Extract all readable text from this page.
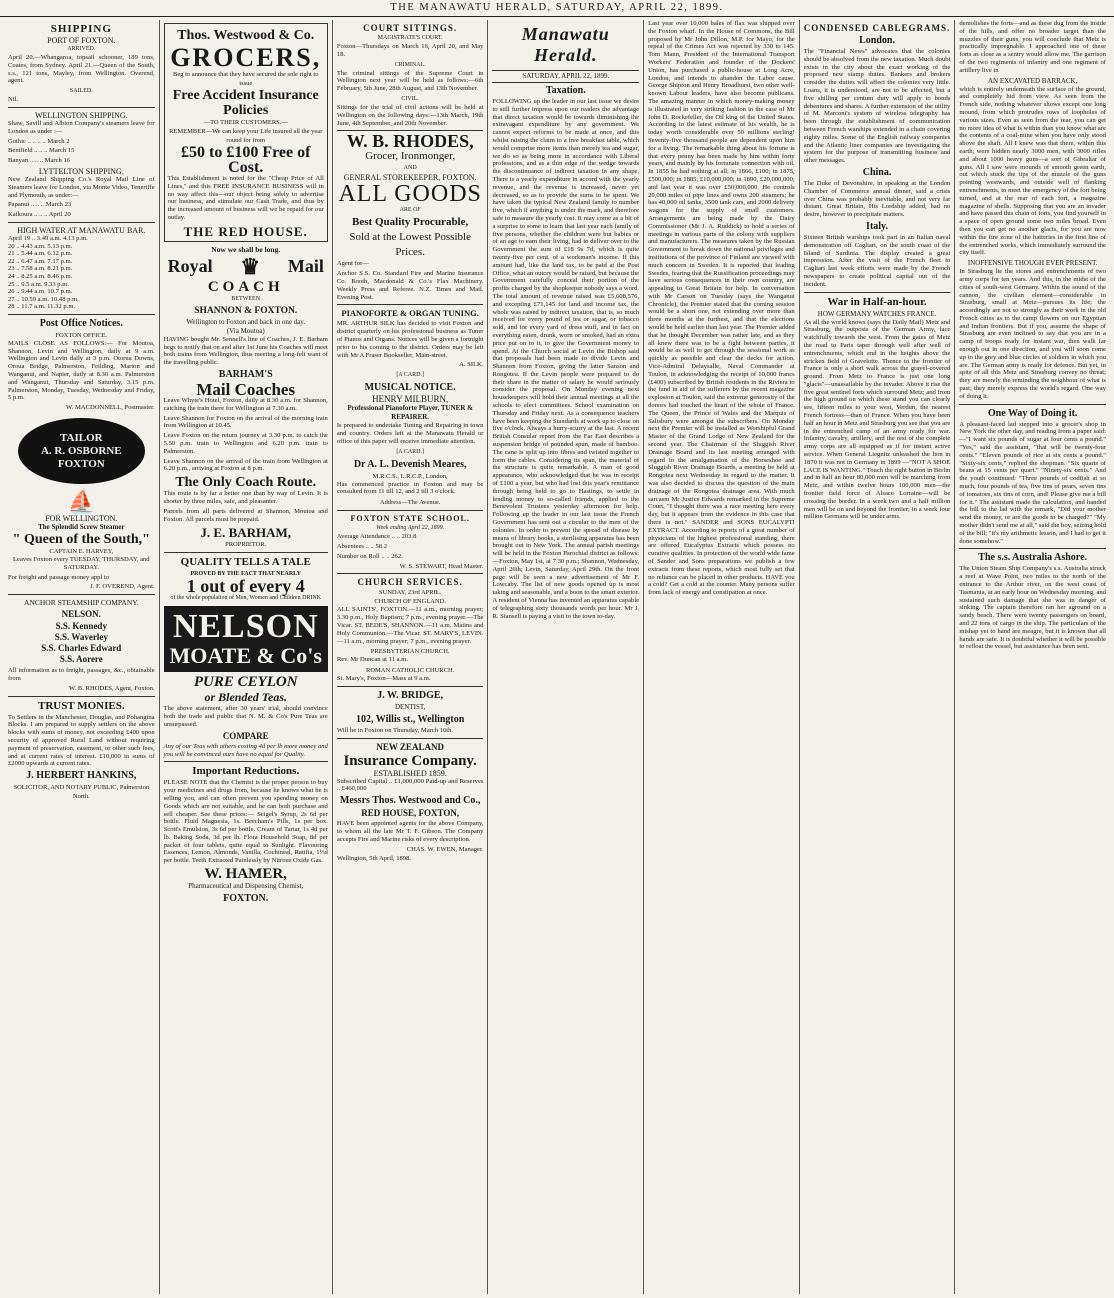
THE MANAWATU HERALD, SATURDAY, APRIL 22, 1899.
SHIPPING
PORT OF FOXTON.
ARRIVED.

April 20.—Whangaroa, topsail schooner, 189 tons, Coates, from Sydney. April 21.—Queen of the South, s.s., 121 tons, Mayley, from Wellington. Overend, agent.

SAILED.

Nil.

WELLINGTON SHIPPING.

Shaw, Savill and Albion Company's steamers leave for London as under :—

Gothic .. .. .. .. March 2

Bentfield .. .. .. March 15

Banyan .. .. .. March 16

LYTTELTON SHIPPING.

New Zealand Shipping Co.'s Royal Mail Line of Steamers leave for London, via Monte Video, Teneriffe and Plymouth, as under:—

Papanui .. .. .. March 23

Kaikoura .. .. .. April 20

HIGH WATER AT MANAWATU BAR.
April 19 .. 3.49 a.m. 4.13 p.m.
20 .. 4.43 a.m. 5.13 p.m.
21 .. 5.44 a.m. 6.12 p.m.
22 .. 6.47 a.m. 7.17 p.m.
23 .. 7.58 a.m. 8.21 p.m.
24 .. 8.25 a.m. 8.46 p.m.
25 .. 9.5 a.m. 9.33 p.m.
26 .. 9.44 a.m. 10.7 p.m.
27 .. 10.59 a.m. 10.48 p.m.
28 .. 11.7 a.m. 11.32 p.m.
Post Office Notices.
FOXTON OFFICE.

MAILS CLOSE AS FOLLOWS:— For Moutoa, Shannon, Levin and Wellington, daily at 9 a.m. Wellington and Levin daily at 3 p.m. Otorua Downs, Oroua Bridge, Palmerston, Feilding, Marton and Wanganui, and Napier, daily at 8.30 a.m. Palmerston and Wanganui, Thursday and Saturday, 3.15 p.m. Palmerston, Monday, Tuesday, Wednesday and Friday, 5 p.m.

W. MACDONNELL, Postmaster.

TAILOR
A. R. OSBORNE
FOXTON
⛵
FOR WELLINGTON.
The Splendid Screw Steamer
" Queen of the South,"
CAPTAIN E. HARVEY,

Leaves Foxton every TUESDAY, THURSDAY, and SATURDAY.

For freight and passage money appl to

J. F. OVEREND, Agent.

ANCHOR STEAMSHIP COMPANY.
NELSON.
S.S. Kennedy
S.S. Waverley
S.S. Charles Edward
S.S. Aorere

All information as to freight, passages, &c., obtainable from

W. B. RHODES, Agent, Foxton.

TRUST MONIES.

To Settlers in the Manchester, Douglas, and Pohangina Blocks. I am prepared to supply settlers on the above blocks with sums of money, not exceeding £400 upon security of approved Rural Land without requiring payment of preservation, easement, or other such fees, and at current rates of interest. £10,000 in sums of £2000 upwards at current rates.

J. HERBERT HANKINS,
SOLICITOR, AND NOTARY PUBLIC, Palmerston North.
Thos. Westwood & Co.
GROCERS,
Beg to announce that they have secured the sole right to issue
Free Accident Insurance Policies
—TO THEIR CUSTOMERS.—
REMEMBER—We can keep your Life insured all the year round for from
£50 to £100 Free of Cost.

This Establishment is noted for the "Cheap Price of All Lines," and this FREE INSURANCE BUSINESS will in no way affect this—our object being solely to advertise our business, and stimulate our Cash Trade, and thus by the increased amount of business will we be repaid for our outlay.

THE RED HOUSE.
Now we shall be long.
Royal ♛ Mail
COACH
BETWEEN
SHANNON & FOXTON.
Wellington to Foxton and back in one day.
(Via Moutoa)

HAVING bought Mr. Sennell's line of Coaches, J. E. Barham begs to notify that on and after 1st June his Coaches will meet both trains from Wellington, thus meeting a long-felt want of the travelling public.

BARHAM'S
Mail Coaches

Leave Whyte's Hotel, Foxton, daily at 8.30 a.m. for Shannon, catching the train there for Wellington at 7.30 a.m.

Leave Shannon for Foxton on the arrival of the morning train from Wellington at 10.45.

Leave Foxton on the return journey at 3.30 p.m. to catch the 5.50 p.m. train to Wellington and 6.20 p.m. train to Palmerston.

Leave Shannon on the arrival of the train from Wellington at 6.20 p.m., arriving at Foxton at 8 p.m.

The Only Coach Route.

This route is by far a better one than by way of Levin. It is shorter by three miles, safe, and pleasanter.

Parcels from all parts delivered at Shannon, Moutoa and Foxton. All parcels must be prepaid.

J. E. BARHAM,
PROPRIETOR.
QUALITY TELLS A TALE
PROVED BY THE FACT THAT NEARLY
1 out of every 4
of the whole population of Men, Women and Children DRINK
NELSON
MOATE & Co's
PURE CEYLON
or Blended Teas.

The above statement, after 30 years' trial, should convince both the trade and public that N. M. & Co's Pure Teas are unsurpassed.

COMPARE

Any of our Teas with others costing 4d per lb more money and you will be convinced ours have no equal for Quality.

Important Reductions.

PLEASE NOTE that the Chemist is the proper person to buy your medicines and drugs from, because he knows what he is selling you, and can often prevent you spending money on Goods which are not suitable, and he can both purchase and sell cheaper. See these prices:— Seigel's Syrup, 2s 6d per bottle. Fluid Magnesia, 1s. Beecham's Pills, 1s per box. Scott's Emulsion, 3s 6d per bottle. Cream of Tartar, 1s 4d per lb. Baking Soda, 3d per lb. Flora Household Soap, 8d per packet of four tablets, quite equal to Sunlight. Flavouring Essences, Lemon, Almonds, Vanilla, Cochineal, Ratifia, 1½d per bottle. Teeth Extracted Painlessly by Nitrous Oxide Gas.

W. HAMER,
Pharmaceutical and Dispensing Chemist,
FOXTON.
COURT SITTINGS.
MAGISTRATE'S COURT.

Foxton—Thursdays on March 16, April 20, and May 18.

CRIMINAL.

The criminal sittings of the Supreme Court in Wellington next year will be held as follows:—6th February, 5th June, 28th August, and 13th November.

CIVIL.

Sittings for the trial of civil actions will be held at Wellington on the following days:—13th March, 19th June, 4th September, and 20th November.

W. B. RHODES,
Grocer, Ironmonger,
AND
GENERAL STOREKEEPER, FOXTON.
ALL GOODS
ARE OF
Best Quality Procurable,
Sold at the Lowest Possible Prices.

Agent for—

Anchor S.S. Co. Standard Fire and Marine Insurance Co. Booth, Macdonald & Co.'s Flax Machinery. Weekly Press and Referee. N.Z. Times and Mail. Evening Post.

PIANOFORTE & ORGAN TUNING.

MR. ARTHUR SILK has decided to visit Foxton and district quarterly on his professional business as Tuner of Pianos and Organs. Notices will be given a fortnight prior to his coming to the district. Orders may be left with Mr A Fraser Bookseller, Main-street.

A. SILK.

[A CARD.]
MUSICAL NOTICE.
HENRY MILBURN,
Professional Pianoforte Player, TUNER & REPAIRER.

Is prepared to undertake Tuning and Repairing in town and country. Orders left at the Manawatu Herald or office of this paper will receive immediate attention.

[A CARD.]
Dr A. L. Devenish Meares,
M.R.C.S., L.R.C.P., London,

Has commenced practice in Foxton and may be consulted from 11 till 12, and 2 till 3 o'clock.

Address—The Avenue.
FOXTON STATE SCHOOL.
Week ending April 22, 1899.

Average Attendance .. .. 203.8

Absentees .. .. 58.2

Number on Roll .. .. 262.

W. S. STEWART, Head Master.

CHURCH SERVICES.
SUNDAY, 23rd APRIL.
CHURCH OF ENGLAND.

ALL SAINTS', FOXTON.—11 a.m., morning prayer; 3.30 p.m., Holy Baptism; 7 p.m., evening prayer.—The Vicar. ST. BEDE'S, SHANNON.—11 a.m. Matins and Holy Communion.—The Vicar. ST. MARY'S, LEVIN.—11 a.m., morning prayer; 7 p.m., evening prayer.

PRESBYTERIAN CHURCH.

Rev. Mr Duncan at 11 a.m.

ROMAN CATHOLIC CHURCH.

St. Mary's, Foxton—Mass at 9 a.m.

J. W. BRIDGE,
DENTIST,
102, Willis st., Wellington

Will be in Foxton on Thursday, March 16th.

NEW ZEALAND
Insurance Company.
ESTABLISHED 1859.

Subscribed Capital .. £1,000,000 Paid-up and Reserves .. £460,000

Messrs Thos. Westwood and Co.,
RED HOUSE, FOXTON,

HAVE been appointed agents for the above Company, to whom all the late Mr T. F. Gibson. The Company accepts Fire and Marine risks of every description.

CHAS. W. EWEN, Manager.

Wellington, 5th April, 1898.

Manawatu Herald.
SATURDAY, APRIL 22, 1899.
Taxation.

FOLLOWING up the leader in our last issue we desire to still further impress upon our readers the advantage that direct taxation would be towards diminishing the extravagant expenditure by any government. We cannot expect reforms to be made at once, and this whilst raising the claim to a free breakfast table, which would comprise more items than merely tea and sugar, we do so as being more in accordance with Liberal professions, and as a thin edge of the wedge towards the discontinuance of indirect taxation in any shape. There is a yearly expenditure in accord with the yearly revenue, and the revenue is increased, never yet decreased, so as to provide the sums to be spent. We have taken the typical New Zealand family to number five, which if anything is under the mark, and therefore safe to measure the yearly cost. It may come as a bit of a surprise to some to learn that last year each family of five persons, whether the children were but babies or of an age to earn their living, had to deliver over to the Government the sum of £18 9s 7d, which is quite twenty-five per cent. of a workman's income. If this amount had, like the land tax, to be paid at the Post Office, what an outcry would be raised, but because the Government carefully conceal their portion of the profits charged by the shopkeeper nobody says a word. The total amount of revenue raised was £5,608,576, and excepting £71,145 for land and income tax, the whole was raised by indirect taxation, that is, so much received for every pound of tea or sugar, or tobacco sold, and for every yard of dress stuff, and in fact on everything eaten, drunk, worn or smoked, had an extra price put on to it, to give the Government money to spend. At the Church social at Levin the Bishop said that proposals had been made to divide Levin and Shannon from Foxton, giving the latter Sanson and Rongotea. If the Levin people were prepared to do their share in the matter of salary he would seriously consider the proposal. On Monday evening next housekeepers will hold their annual meetings at all the schools to elect committees. School examination on Thursday and Friday next. As a consequence teachers have been keeping the Standards at work up to close on five o'clock. Always a hurry-scurry at the last. A recent British Consular report from the Far East describes a suspension bridge of pounded spun, made of bamboo. The cane is split up into fibres and twisted together to form the cables. Considering its span, the material of the structure is quite remarkable. A man of good appearance, who acknowledged that he was in receipt of £100 a year, but who had lost this year's remittance through being held to go to Hastings, to settle in lending money to so-called friends, applied to the Benevolent Trustees yesterday afternoon for help. Following up the leader in our last issue the French Government has sent out a circular to the men of the colonies. In order to prevent the spread of disease by means of library books, a sterilising apparatus has been brought out in New York. The annual parish meetings will be held in the Foxton Parochial district as follows:—Foxton, May 1st, at 7.30 p.m.; Shannon, Wednesday, April 26th; Levin, Saturday, April 29th. On the front page will be seen a new advertisement of Mr F. Lowcaby. The list of new goods opened up is most taking and seasonable, and a boon to the smart exterior. A resident of Vienna has invented an apparatus capable of telegraphing sixty thousands words per hour. Mr J. R. Stansell is paying a visit to the town to-day.

Last year over 10,000 bales of flax was shipped over the Foxton wharf. In the House of Commons, the Bill proposed by Mr John Dillon, M.P. for Mayo, for the repeal of the Crimes Act was rejected by 330 to 145. Tom Mann, President of the International Transport Workers' Federation and founder of the Dockers' Union, has purchased a public-house at Long Acre, London, and intends to abandon the Labor cause. George Shipton and Henry Broadhurst, two other well-known Labour leaders, have also become publicans. The amazing manner in which money-making money is illustrated in very striking fashion in the case of Mr John D. Rockefeller, the Oil king of the United States. According to the latest estimate of his wealth, he is today worth considerable over 50 millions sterling! Seventy-five thousand people are dependent upon him for a living. The remarkable thing about his fortune is that every penny has been made by him within forty years, and mainly by his fortunate connection with oil. In 1855 he had nothing at all; in 1866, £100; in 1875, £500,000; in 1885, £10,000,000; in 1890, £20,000,000; and last year it was over £50,000,000. He controls 20,000 miles of pipe lines and owns 200 steamers; he has 40,000 oil tanks, 3500 tank cars, and 2000 delivery wagons for the supply of small customers. Arrangements are being made by the Dairy Commissioner (Mr J. A. Ruddick) to hold a series of meetings in various parts of the colony with suppliers and manufacturers. The measures taken by the Russian Government to break down the national privileges and institutions of the province of Finland are viewed with much concern in Sweden. It is reported that leading Swedes, fearing that the Russification proceedings may have serious consequences in their own country, are appealing to Great Britain for help. In conversation with Mr Carson on Tuesday (says the Wanganui Chronicle), the Premier stated that the coming session would be a short one, not extending over more than three months at the furthest, and that the elections would be held earlier than last year. The Premier added that he thought December was rather late, and as they all knew there was to be a fight between parties, it would be as well to get through the sessional work as quickly as possible and clear the decks for action. Vice-Admiral Delaysalle, Naval Commander at Toulon, in acknowledging the receipt of 10,000 francs (£400) subscribed by British residents in the Riviera to the fund in aid of the sufferers by the recent magazine explosion at Toulon, said the extreme generosity of the donors had touched the heart of the whole of France. The Queen, the Prince of Wales and the Marquis of Salisbury were amongst the subscribers. On Monday next the Premier will be installed as Worshipful Grand Master of the Grand Lodge of New Zealand for the second year. The Chairman of the Sluggish River Drainage Board and its last meeting arranged with regard to the amalgamation of the Horseshoe and Sluggish River Drainage Boards, a meeting be held at Rongotea next Wednesday in regard to the matter. It was also decided to discuss the question of the main drainage of the Rongotea drainage area. With much sarcasm Mr Justice Edwards remarked in the Supreme Court, "I thought there was a race meeting here every day, but it appears from the evidence in this case that there is not." SANDER and SONS EUCALYPTI EXTRACT. According to reports of a great number of physicians of the highest professional standing, there are offered Eucalyptus Extracts which possess no curative qualities. In protection of the world wide fame of Sander and Sons preparations we publish a few extracts from these reports, which most fully set that no reliance can be placed in other products. HAVE you a cold? Get a cold at the counter. Many persons suffer from lack of energy and constipation at once.

CONDENSED CABLEGRAMS.
London.

The "Financial News" advocates that the colonies should be absolved from the new taxation. Much doubt exists in the city about the exact working of the proposed new stamp duties. Bankers and brokers consider the duties will affect the colonies very little. Loans, it is understood, are not to be affected, but a five shilling per centum duty will apply to bonds debentures and shares. A further extension of the utility of M. Marconi's system of wireless telegraphy has been through the establishment of communication between French warships extended in a chain covering eighty miles. Some of the English railway companies and the Atlantic liner companies are investigating the system for the purpose of transmitting business and other messages.

China.

The Duke of Devonshire, in speaking at the London Chamber of Commerce annual dinner, said a crisis over China was probably inevitable, and not very far distant. Great Britain, His Lordship added, had no desire, however to precipitate matters.

Italy.

Sixteen British warships took part in an Italian naval demonstration off Cagliari, on the south coast of the Island of Sardinia. The display created a great impression. After the visit of the French fleet to Cagliari last week efforts were made by the French newspapers to create political capital out of the incident.

War in Half-an-hour.
HOW GERMANY WATCHES FRANCE.

As all the world knows (says the Daily Mail) Metz and Strasburg, the outposts of the German Army, face watchfully towards the west. From the gates of Metz the road to Paris taper through well after well of entrenchments, which end in the heights above the stricken field of Gravelotte. Thence to the frontier of France is only a short walk across the gravel-covered ground. From Metz to France is just one long "glacis"—unassailable by the invader. Above it rise the five great sentinel forts which surround Metz; and from the high ground on which these stand you can clearly see, fifteen miles to your west, Verdun, the nearest French fortress—than of France. When you have been half an hour in Metz and Strasburg you see that you are in the entrenched camp of an army ready for war. Infantry, cavalry, artillery, and the rest of the complete army corps are all equipped as if for instant active service. When General Liegnitz unleashed the lion in 1870 it was not in Germany in 1899 —"NOT A SHOE LACE IS WANTING." Touch the right button in Berlin and in half an hour 80,000 men will be marching from Metz, and within twelve hours 100,000 men—the frontier field force of Alsace Lorraine—will be crossing the border. In a week two and a half million men will be on and beyond the frontier; in a week four million Germans will be under arms.

demolishes the forts—and as these dug from the inside of the hills, and offer no broader target than the muzzles of their guns, you will conclude that Metz is practically impregnable. I approached one of these forts as close as a sentry would allow me. The garrison of the two regiments of infantry and one regiment of artillery live in

AN EXCAVATED BARRACK,

which is entirely underneath the surface of the ground, and completely hid from view. As seen from the French side, nothing whatever shows except one long mound, from which protrudes rows of loopholes of various sizes. Even as seen from the rear, you can get no more idea of what is within than you know what are the contents of a coal-mine when you have only stood above the shaft. All I knew was that there, within this earth, were hidden nearly 3000 men, with 3000 rifles and about 1000 heavy guns—a sort of Gibraltar of guns. All I saw were mounds of smooth green earth, out which stuck the tips of the muzzle of the guns pointing westwards, and outside well of flanking entrenchments, to meet the emergency of the fort being turned, and at the rear of each fort, a magazine magazine of shells. Supposing that you are an invader and have passed this chain of forts, you find yourself in a space of open ground some two miles broad. Even then you can get no another glacis, for you are now within the fire zone of the batteries in the first line of the entrenched works, which immediately surround the city itself.

INOFFENSIVE THOUGH EVER PRESENT.

In Strasburg lie the stores and entrenchments of two army corps for ten years. And this, in the midst of the cities of south-west Germany. Within the sound of the cannon, the civilian element—considerable in Strasburg, small at Metz—pursues its life; the accordingly are not so strongly as their work in the old French cities as to the camp flowers on our Egyptian and Indian frontiers. But if you, assume the shape of Strasburg are even inclined to say that you are in a camp of troops ready for instant war, then walk far enough out in one direction, and you will soon come up to the grey and blue circles of soldiers in which you are. The German army is ready for defence. But yet, in spite of all this Metz and Strasburg convey no threat; they are merely the reminding the neighbour of what is past; they merely express the world's regard. One way of doing it.

One Way of Doing it.

A pleasant-faced lad stepped into a grocer's shop in New York the other day, and reading from a paper said:—"I want six pounds of sugar at four cents a pound." "Yes," said the assistant, "that will be twenty-four cents." "Eleven pounds of rice at six cents a pound." "Sixty-six cents," replied the shopman. "Six quarts of beans at 15 cents per quart." "Ninety-six cents." And the youth continued: "Three pounds of codfish at so much, four pounds of tea, five tins of pears, seven tins of tomatoes, six tins of corn, and! Please give me a bill for it." The assistant made the calculation, and handed the bill to the lad with the remark, "Did your mother send the money, or are the goods to be charged?" "My mother didn't send me at all," said the boy, seizing hold of the bill; "it's my arithmetic lesson, and I had to get it done somehow."

The s.s. Australia Ashore.

The Union Steam Ship Company's s.s. Australia struck a reef at Wave Point, two miles to the north of the entrance to the Arthur river, on the west coast of Tasmania, at an early hour on Wednesday morning, and sustained such damage that she was in danger of sinking. The captain therefore ran her aground on a sandy beach. There were twenty passengers on board, and 22 tons of cargo in the ship. The particulars of the mishap yet to hand are meagre, but it is known that all hands are safe. It is doubtful whether it will be possible to refloat the vessel, but assistance has been sent.
